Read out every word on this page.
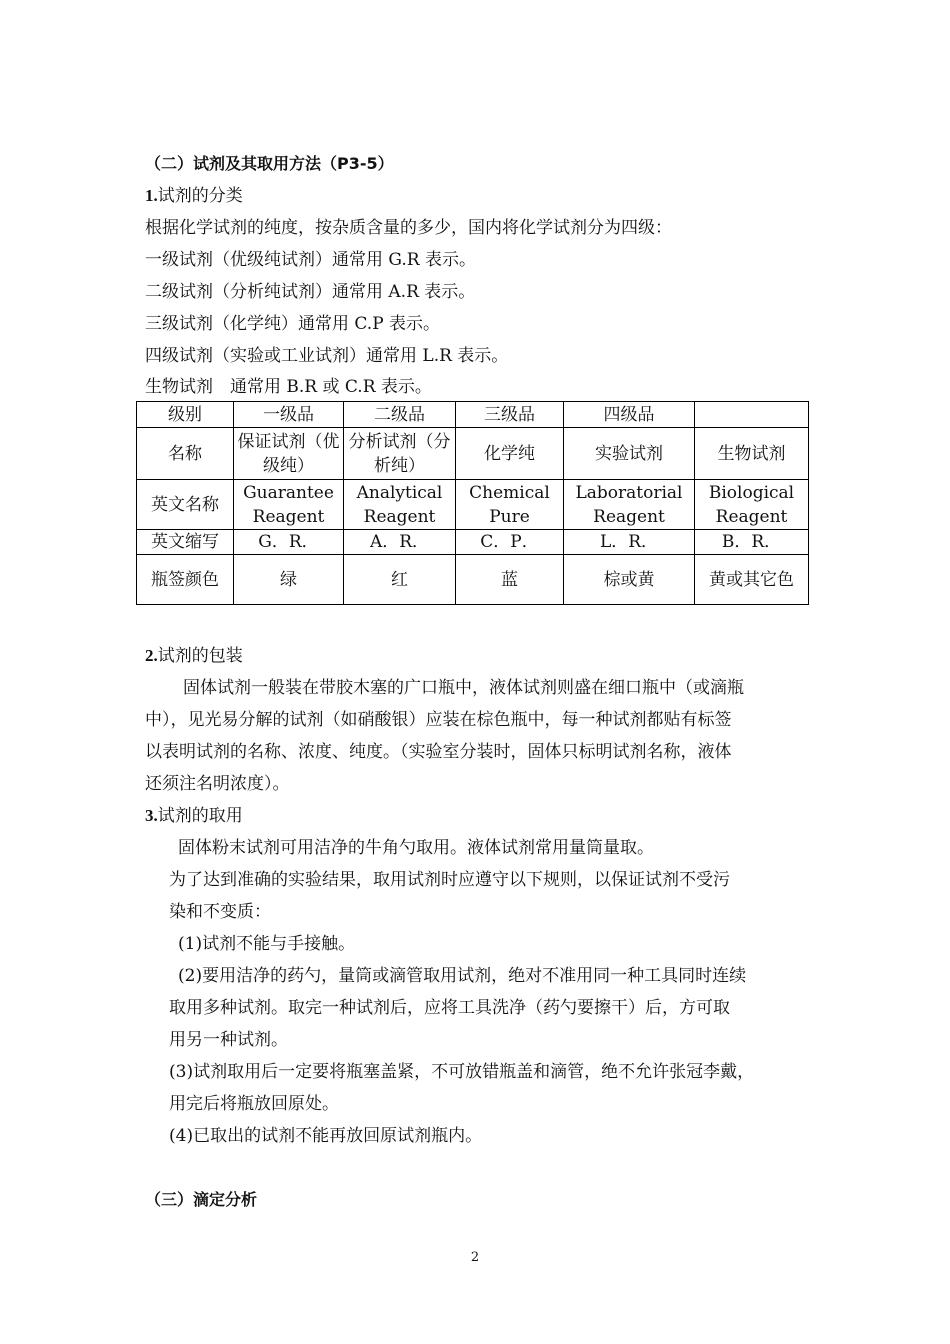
（二）试剂及其取用方法（P3-5）
1.试剂的分类
根据化学试剂的纯度，按杂质含量的多少，国内将化学试剂分为四级：
一级试剂（优级纯试剂）通常用 G.R 表示。
二级试剂（分析纯试剂）通常用 A.R 表示。
三级试剂（化学纯）通常用 C.P 表示。
四级试剂（实验或工业试剂）通常用 L.R 表示。
生物试剂　通常用 B.R 或 C.R 表示。
级别	一级品	二级品	三级品	四级品	
名称	保证试剂（优级纯）	分析试剂（分析纯）	化学纯	实验试剂	生物试剂
英文名称	Guarantee Reagent	Analytical Reagent	Chemical Pure	Laboratorial Reagent	Biological Reagent
英文缩写	G．R．	A．R．	C．P．	L．R．	B．R．
瓶签颜色	绿	红	蓝	棕或黄	黄或其它色
2.试剂的包装
固体试剂一般装在带胶木塞的广口瓶中，液体试剂则盛在细口瓶中（或滴瓶
中），见光易分解的试剂（如硝酸银）应装在棕色瓶中，每一种试剂都贴有标签
以表明试剂的名称、浓度、纯度。（实验室分装时，固体只标明试剂名称，液体
还须注名明浓度）。
3.试剂的取用
固体粉末试剂可用洁净的牛角勺取用。液体试剂常用量筒量取。
为了达到准确的实验结果，取用试剂时应遵守以下规则，以保证试剂不受污
染和不变质：
(1)试剂不能与手接触。
(2)要用洁净的药勺，量筒或滴管取用试剂，绝对不准用同一种工具同时连续
取用多种试剂。取完一种试剂后，应将工具洗净（药勺要擦干）后，方可取
用另一种试剂。
(3)试剂取用后一定要将瓶塞盖紧，不可放错瓶盖和滴管，绝不允许张冠李戴，
用完后将瓶放回原处。
(4)已取出的试剂不能再放回原试剂瓶内。
（三）滴定分析
2
